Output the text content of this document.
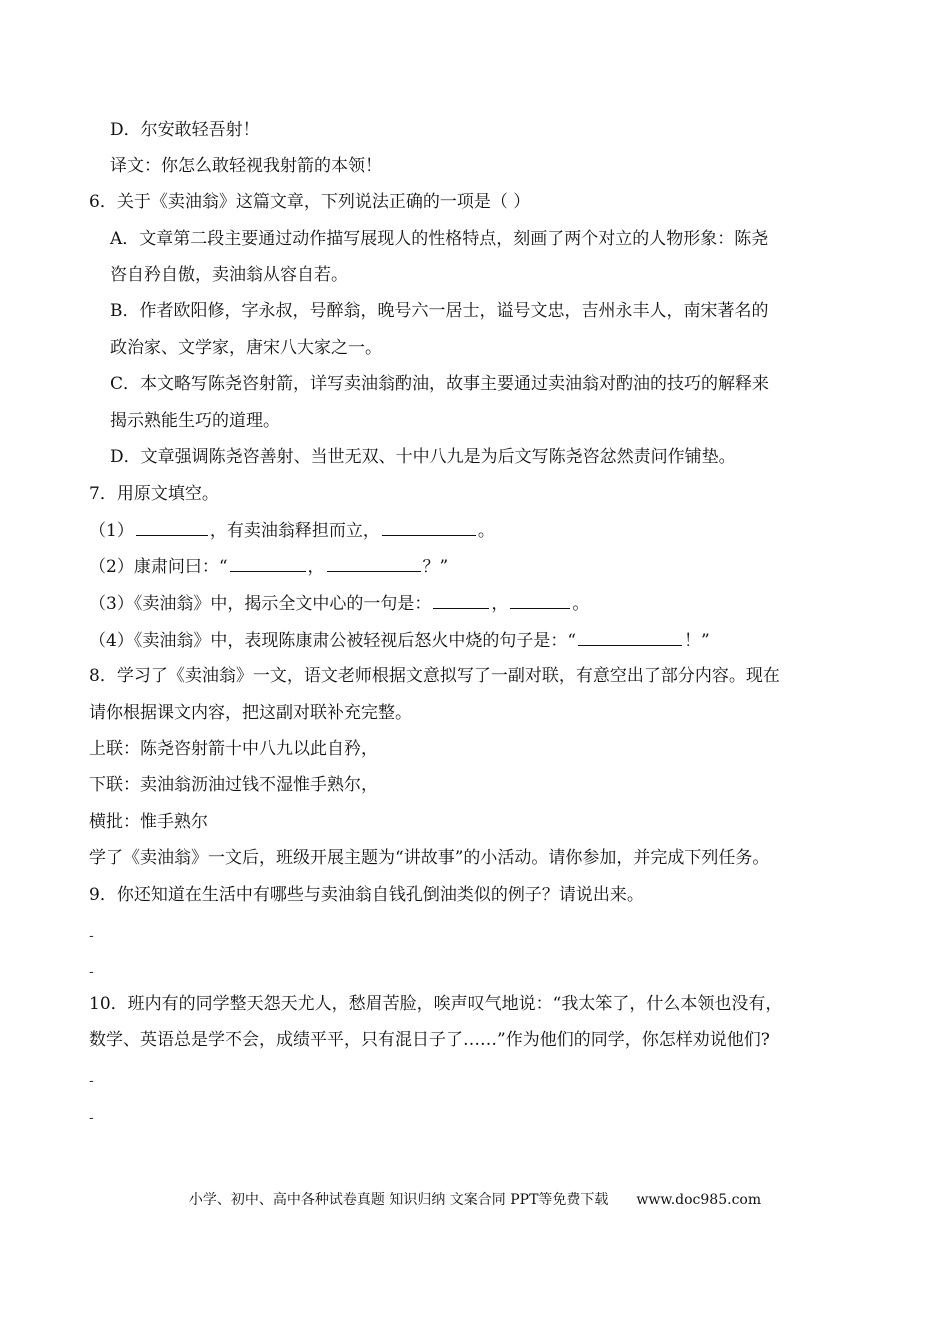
D．尔安敢轻吾射！
译文：你怎么敢轻视我射箭的本领！
6．关于《卖油翁》这篇文章，下列说法正确的一项是（ ）
A．文章第二段主要通过动作描写展现人的性格特点，刻画了两个对立的人物形象：陈尧
咨自矜自傲，卖油翁从容自若。
B．作者欧阳修，字永叔，号醉翁，晚号六一居士，谥号文忠，吉州永丰人，南宋著名的
政治家、文学家，唐宋八大家之一。
C．本文略写陈尧咨射箭，详写卖油翁酌油，故事主要通过卖油翁对酌油的技巧的解释来
揭示熟能生巧的道理。
D．文章强调陈尧咨善射、当世无双、十中八九是为后文写陈尧咨忿然责问作铺垫。
7．用原文填空。
（1）	，有卖油翁释担而立，	。
（2）康肃问曰：“	，	？”
（3）《卖油翁》中，揭示全文中心的一句是：	，	。
（4）《卖油翁》中，表现陈康肃公被轻视后怒火中烧的句子是：“	！”
8．学习了《卖油翁》一文，语文老师根据文意拟写了一副对联，有意空出了部分内容。现在
请你根据课文内容，把这副对联补充完整。
上联：陈尧咨射箭十中八九以此自矜，
下联：卖油翁沥油过钱不湿惟手熟尔，
横批：惟手熟尔
学了《卖油翁》一文后，班级开展主题为“讲故事”的小活动。请你参加，并完成下列任务。
9．你还知道在生活中有哪些与卖油翁自钱孔倒油类似的例子？请说出来。
-
-
10．班内有的同学整天怨天尤人，愁眉苦脸，唉声叹气地说：“我太笨了，什么本领也没有，
数学、英语总是学不会，成绩平平，只有混日子了……”作为他们的同学，你怎样劝说他们?
-
-
小学、初中、高中各种试卷真题 知识归纳 文案合同 PPT等免费下载 www.doc985.com
